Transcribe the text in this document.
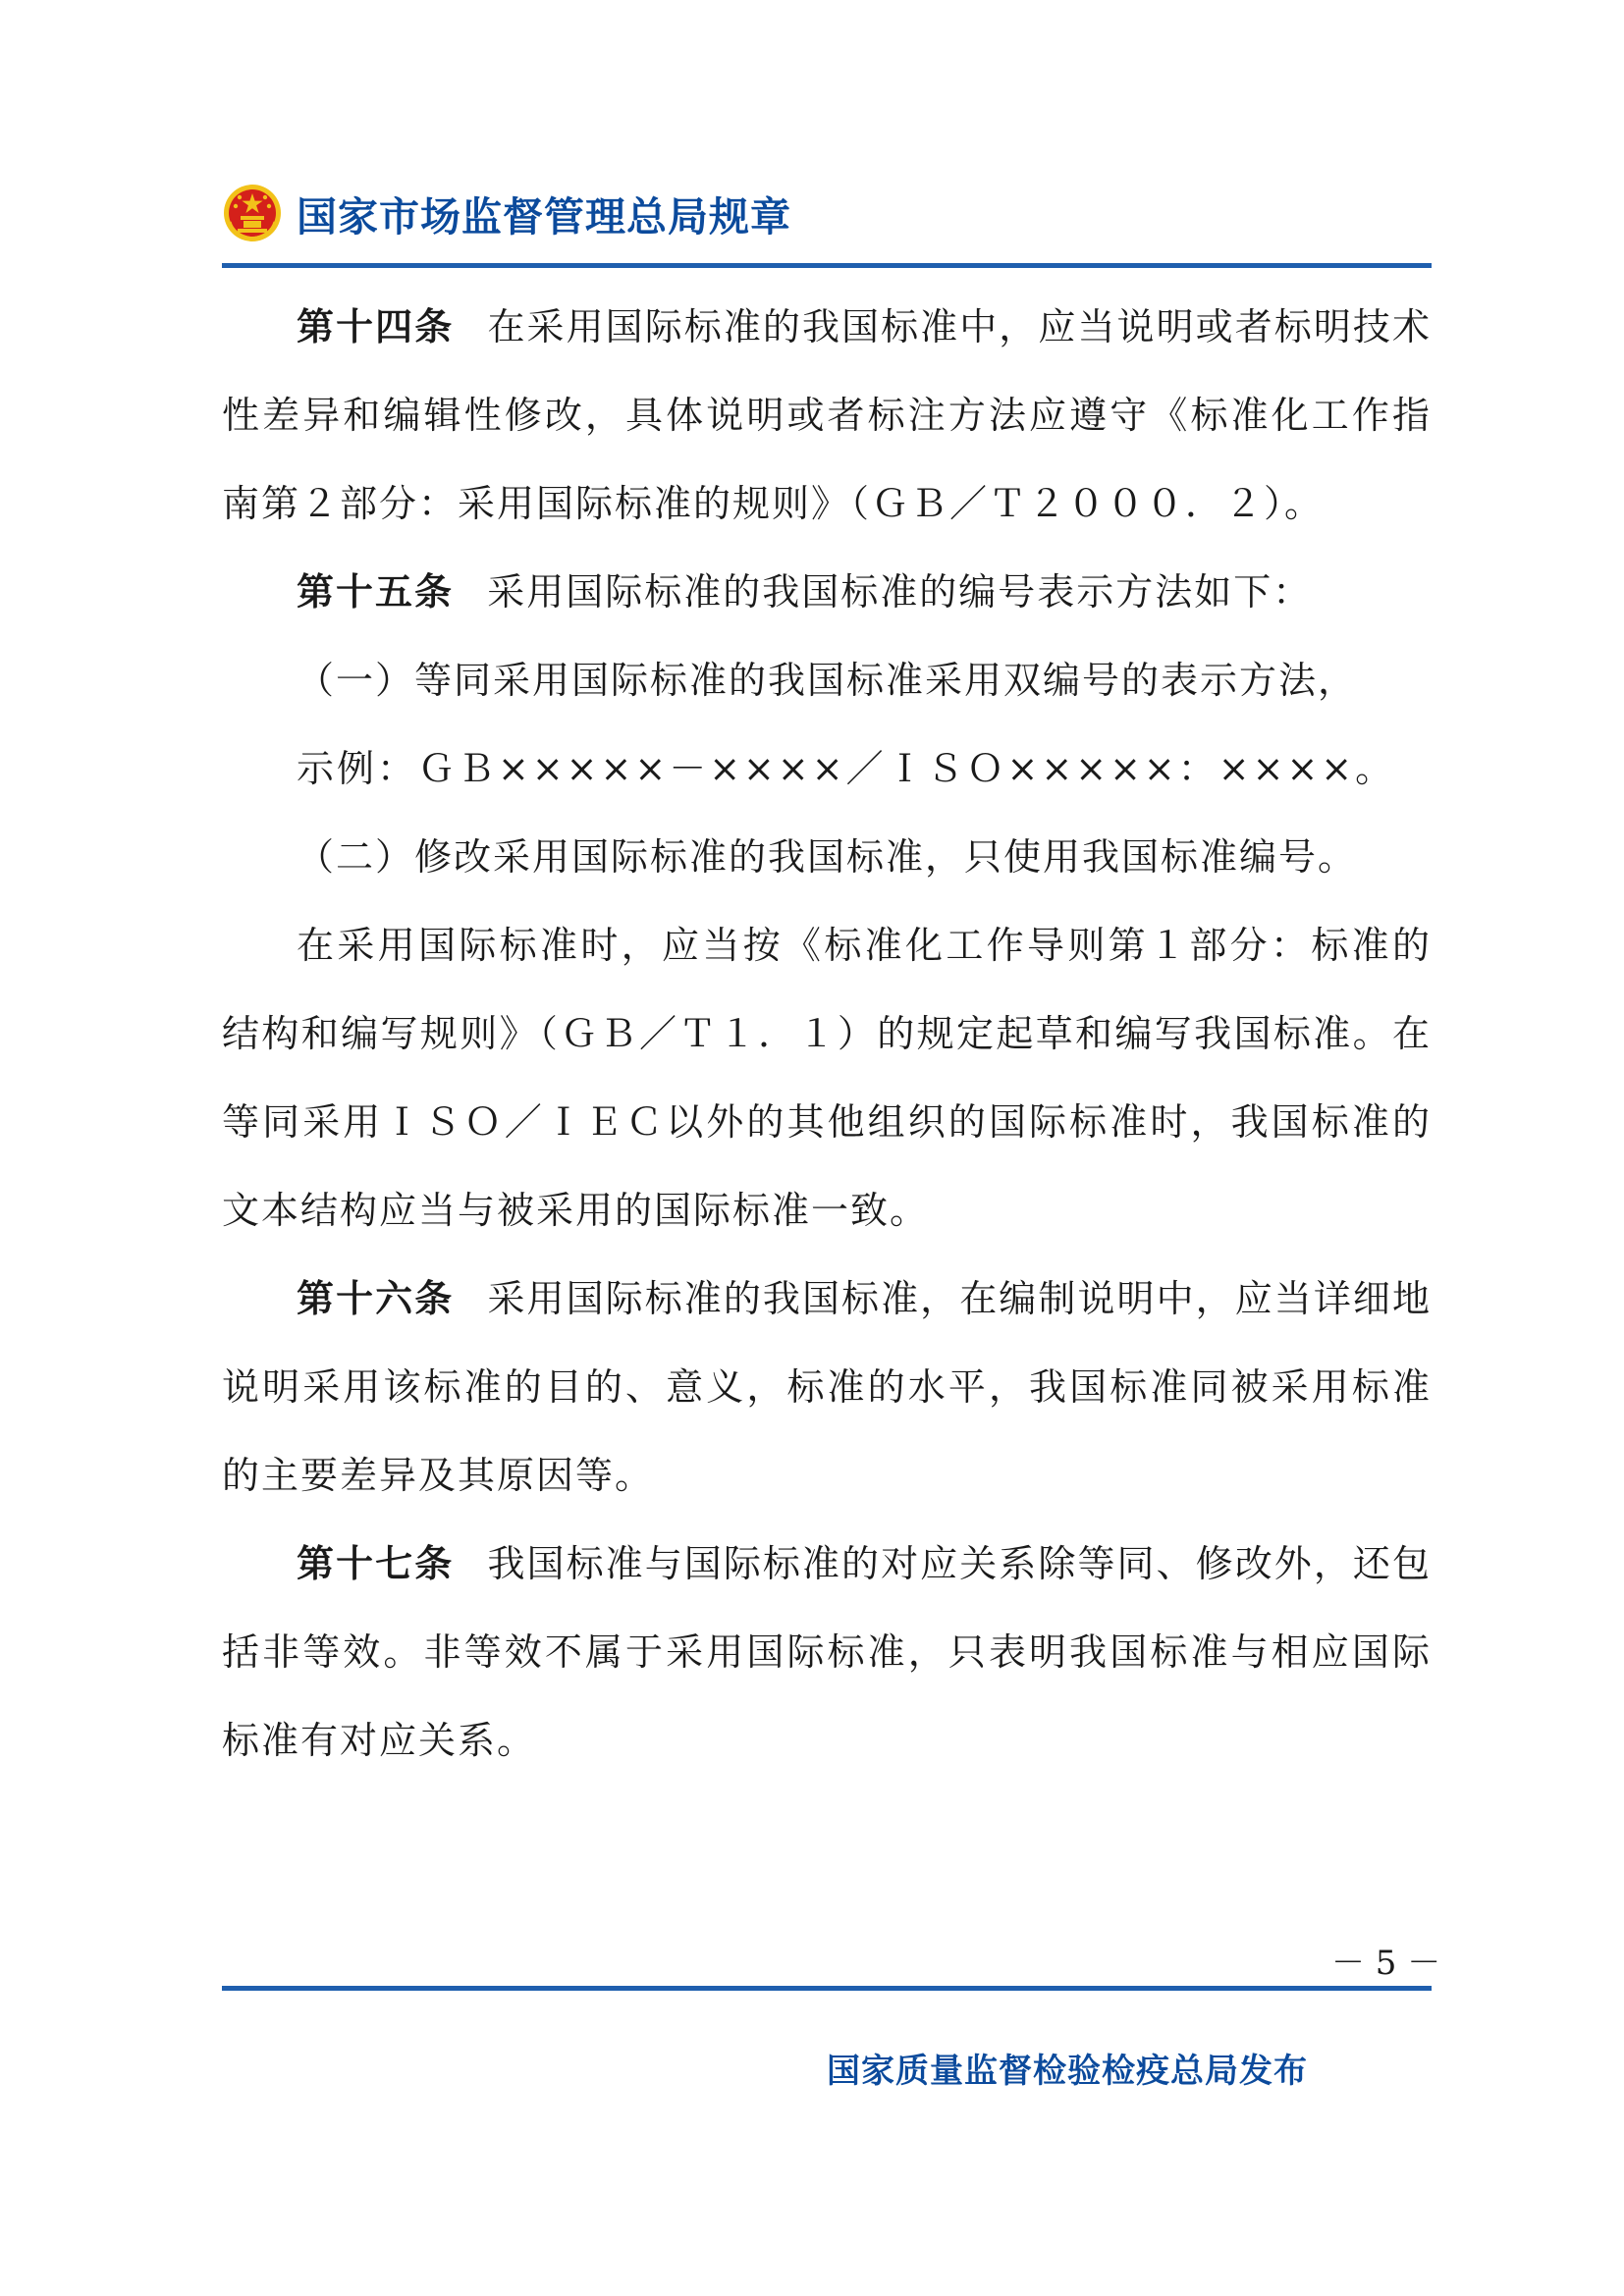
国家市场监督管理总局规章

第十四条 在采用国际标准的我国标准中，应当说明或者标明技术性差异和编辑性修改，具体说明或者标注方法应遵守《标准化工作指南第２部分：采用国际标准的规则》（ＧＢ／Ｔ２０００．２）。

第十五条 采用国际标准的我国标准的编号表示方法如下：

（一）等同采用国际标准的我国标准采用双编号的表示方法，

示例：ＧＢ×××××－××××／ＩＳＯ×××××：××××。

（二）修改采用国际标准的我国标准，只使用我国标准编号。

在采用国际标准时，应当按《标准化工作导则第１部分：标准的结构和编写规则》（ＧＢ／Ｔ１．１）的规定起草和编写我国标准。在等同采用ＩＳＯ／ＩＥＣ以外的其他组织的国际标准时，我国标准的文本结构应当与被采用的国际标准一致。

第十六条 采用国际标准的我国标准，在编制说明中，应当详细地说明采用该标准的目的、意义，标准的水平，我国标准同被采用标准的主要差异及其原因等。

第十七条 我国标准与国际标准的对应关系除等同、修改外，还包括非等效。非等效不属于采用国际标准，只表明我国标准与相应国际标准有对应关系。

－ 5 －
国家质量监督检验检疫总局发布
